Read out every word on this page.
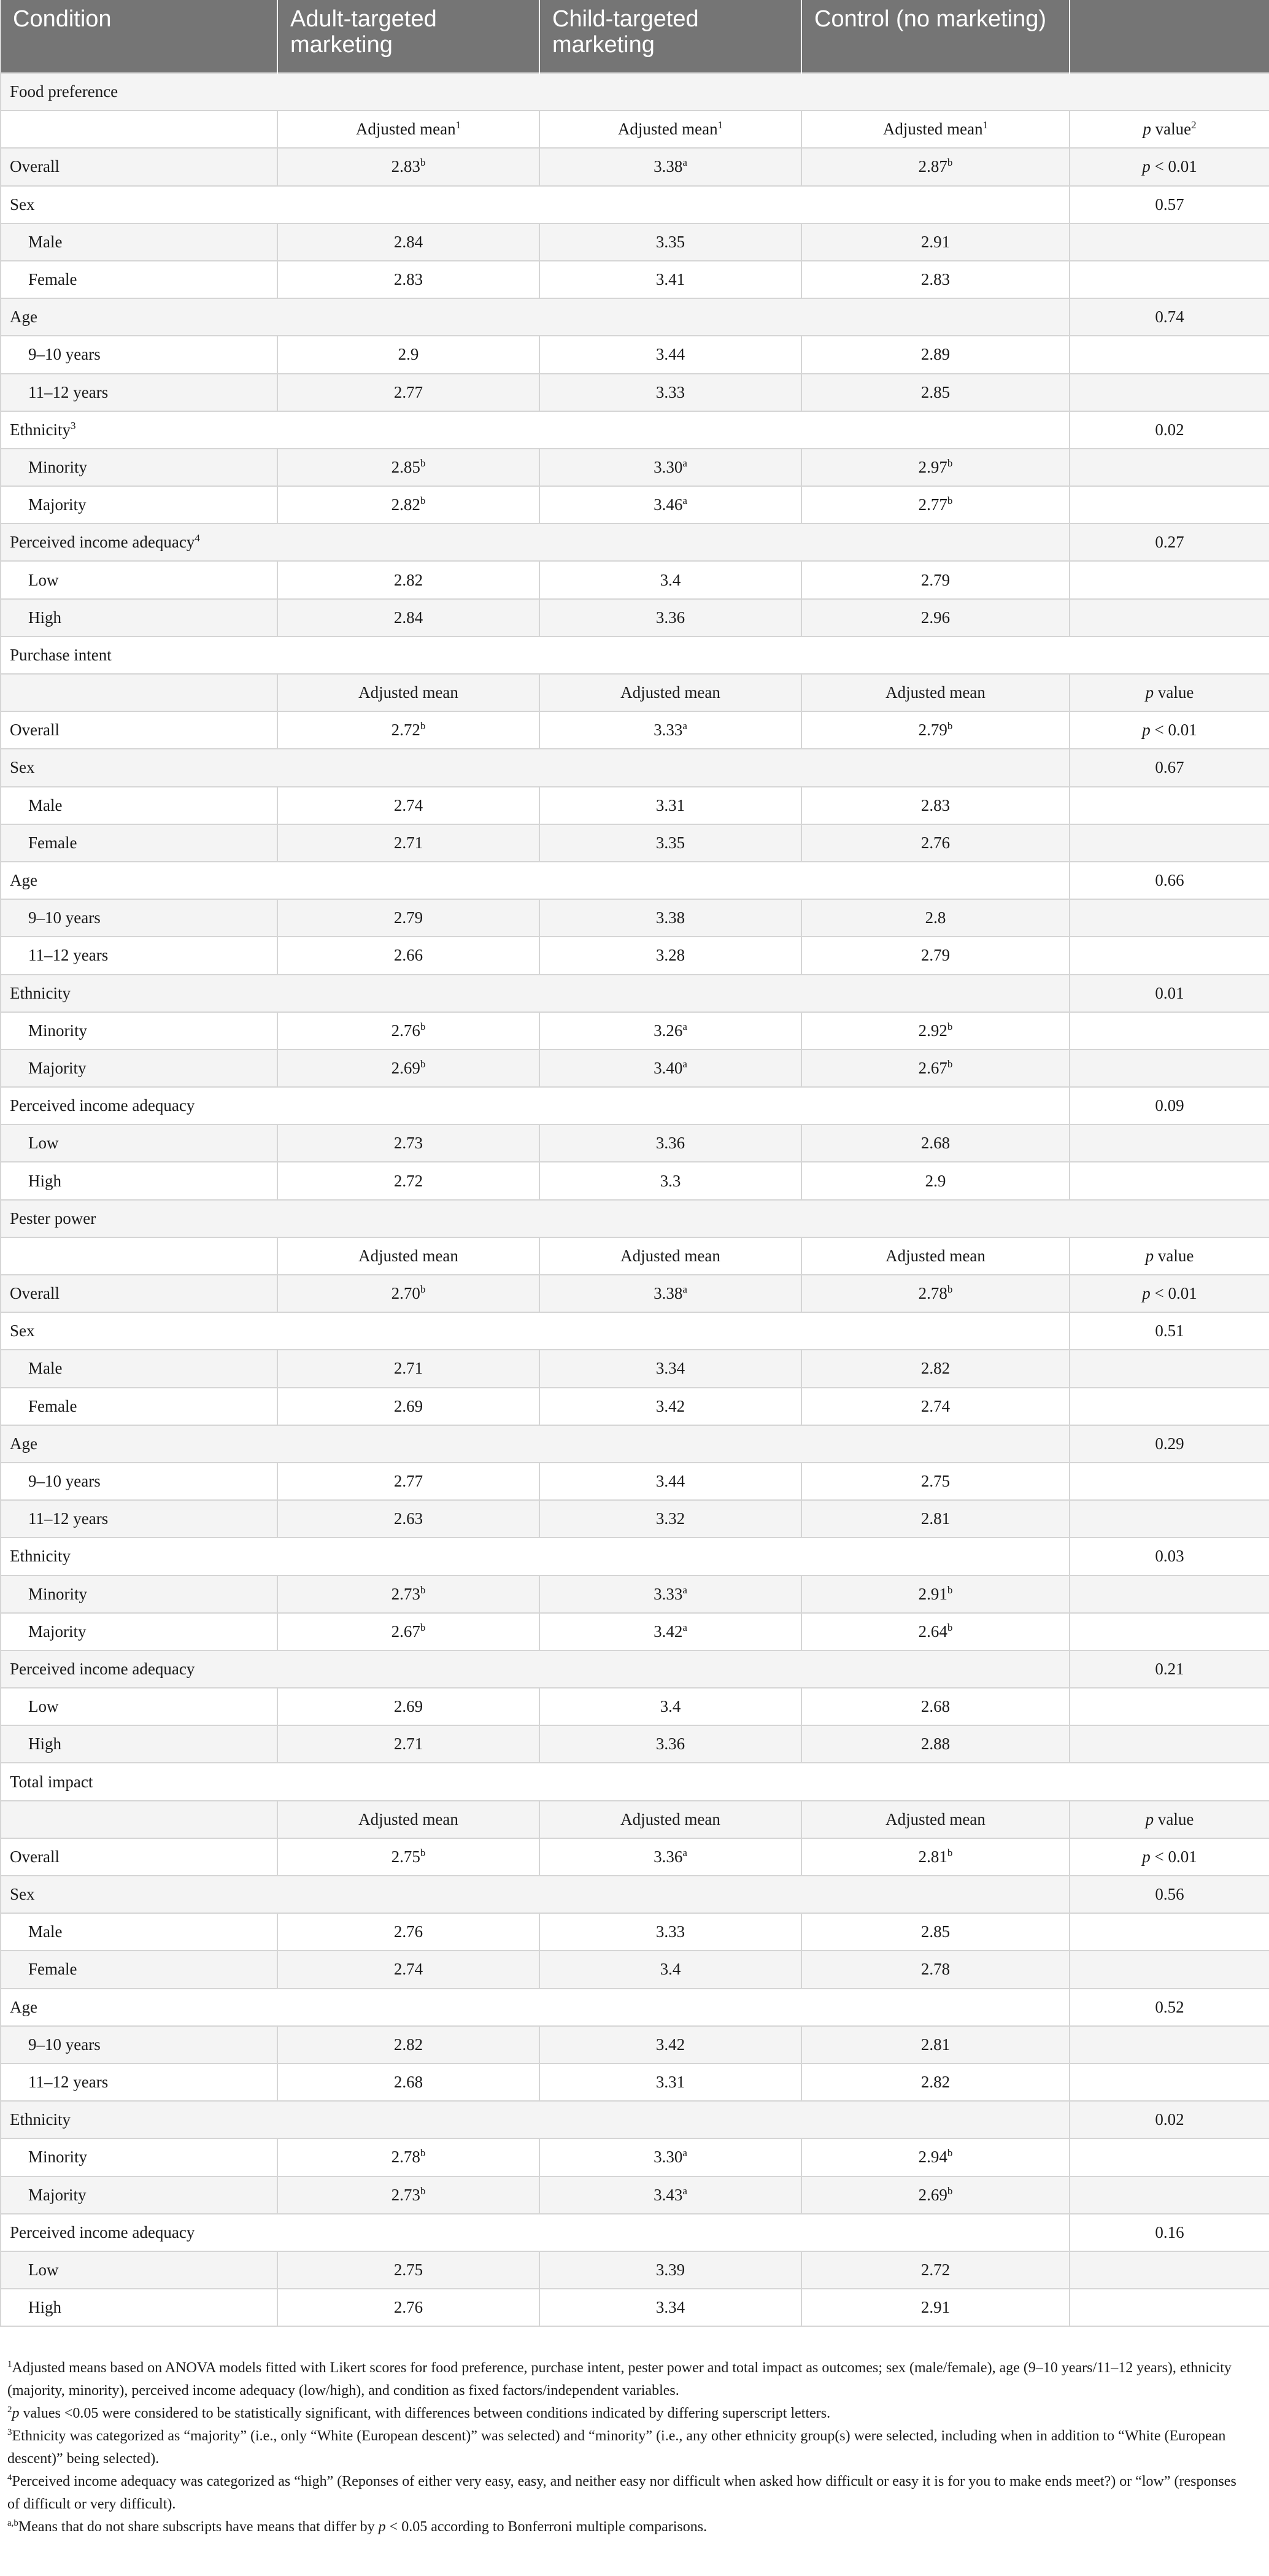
Condition	Adult-targeted marketing	Child-targeted marketing	Control (no marketing)	

Food preference				
	Adjusted mean$^1$	Adjusted mean$^1$	Adjusted mean$^1$	p value$^2$
Overall	2.83$^b$	3.38$^a$	2.87$^b$	p < 0.01
Sex				0.57
Male	2.84	3.35	2.91	
Female	2.83	3.41	2.83	
Age				0.74
9–10 years	2.9	3.44	2.89	
11–12 years	2.77	3.33	2.85	
Ethnicity$^3$				0.02
Minority	2.85$^b$	3.30$^a$	2.97$^b$	
Majority	2.82$^b$	3.46$^a$	2.77$^b$	
Perceived income adequacy$^4$				0.27
Low	2.82	3.4	2.79	
High	2.84	3.36	2.96	
Purchase intent				
	Adjusted mean	Adjusted mean	Adjusted mean	p value
Overall	2.72$^b$	3.33$^a$	2.79$^b$	p < 0.01
Sex				0.67
Male	2.74	3.31	2.83	
Female	2.71	3.35	2.76	
Age				0.66
9–10 years	2.79	3.38	2.8	
11–12 years	2.66	3.28	2.79	
Ethnicity				0.01
Minority	2.76$^b$	3.26$^a$	2.92$^b$	
Majority	2.69$^b$	3.40$^a$	2.67$^b$	
Perceived income adequacy				0.09
Low	2.73	3.36	2.68	
High	2.72	3.3	2.9	
Pester power				
	Adjusted mean	Adjusted mean	Adjusted mean	p value
Overall	2.70$^b$	3.38$^a$	2.78$^b$	p < 0.01
Sex				0.51
Male	2.71	3.34	2.82	
Female	2.69	3.42	2.74	
Age				0.29
9–10 years	2.77	3.44	2.75	
11–12 years	2.63	3.32	2.81	
Ethnicity				0.03
Minority	2.73$^b$	3.33$^a$	2.91$^b$	
Majority	2.67$^b$	3.42$^a$	2.64$^b$	
Perceived income adequacy				0.21
Low	2.69	3.4	2.68	
High	2.71	3.36	2.88	
Total impact				
	Adjusted mean	Adjusted mean	Adjusted mean	p value
Overall	2.75$^b$	3.36$^a$	2.81$^b$	p < 0.01
Sex				0.56
Male	2.76	3.33	2.85	
Female	2.74	3.4	2.78	
Age				0.52
9–10 years	2.82	3.42	2.81	
11–12 years	2.68	3.31	2.82	
Ethnicity				0.02
Minority	2.78$^b$	3.30$^a$	2.94$^b$	
Majority	2.73$^b$	3.43$^a$	2.69$^b$	
Perceived income adequacy				0.16
Low	2.75	3.39	2.72	
High	2.76	3.34	2.91	

$^1$Adjusted means based on ANOVA models fitted with Likert scores for food preference, purchase intent, pester power and total impact as outcomes; sex (male/female), age (9–10 years/11–12 years), ethnicity (majority, minority), perceived income adequacy (low/high), and condition as fixed factors/independent variables.

$^2$p values <0.05 were considered to be statistically significant, with differences between conditions indicated by differing superscript letters.

$^3$Ethnicity was categorized as “majority” (i.e., only “White (European descent)” was selected) and “minority” (i.e., any other ethnicity group(s) were selected, including when in addition to “White (European descent)” being selected).

$^4$Perceived income adequacy was categorized as “high” (Reponses of either very easy, easy, and neither easy nor difficult when asked how difficult or easy it is for you to make ends meet?) or “low” (responses of difficult or very difficult).

$^{a,b}$Means that do not share subscripts have means that differ by p < 0.05 according to Bonferroni multiple comparisons.
